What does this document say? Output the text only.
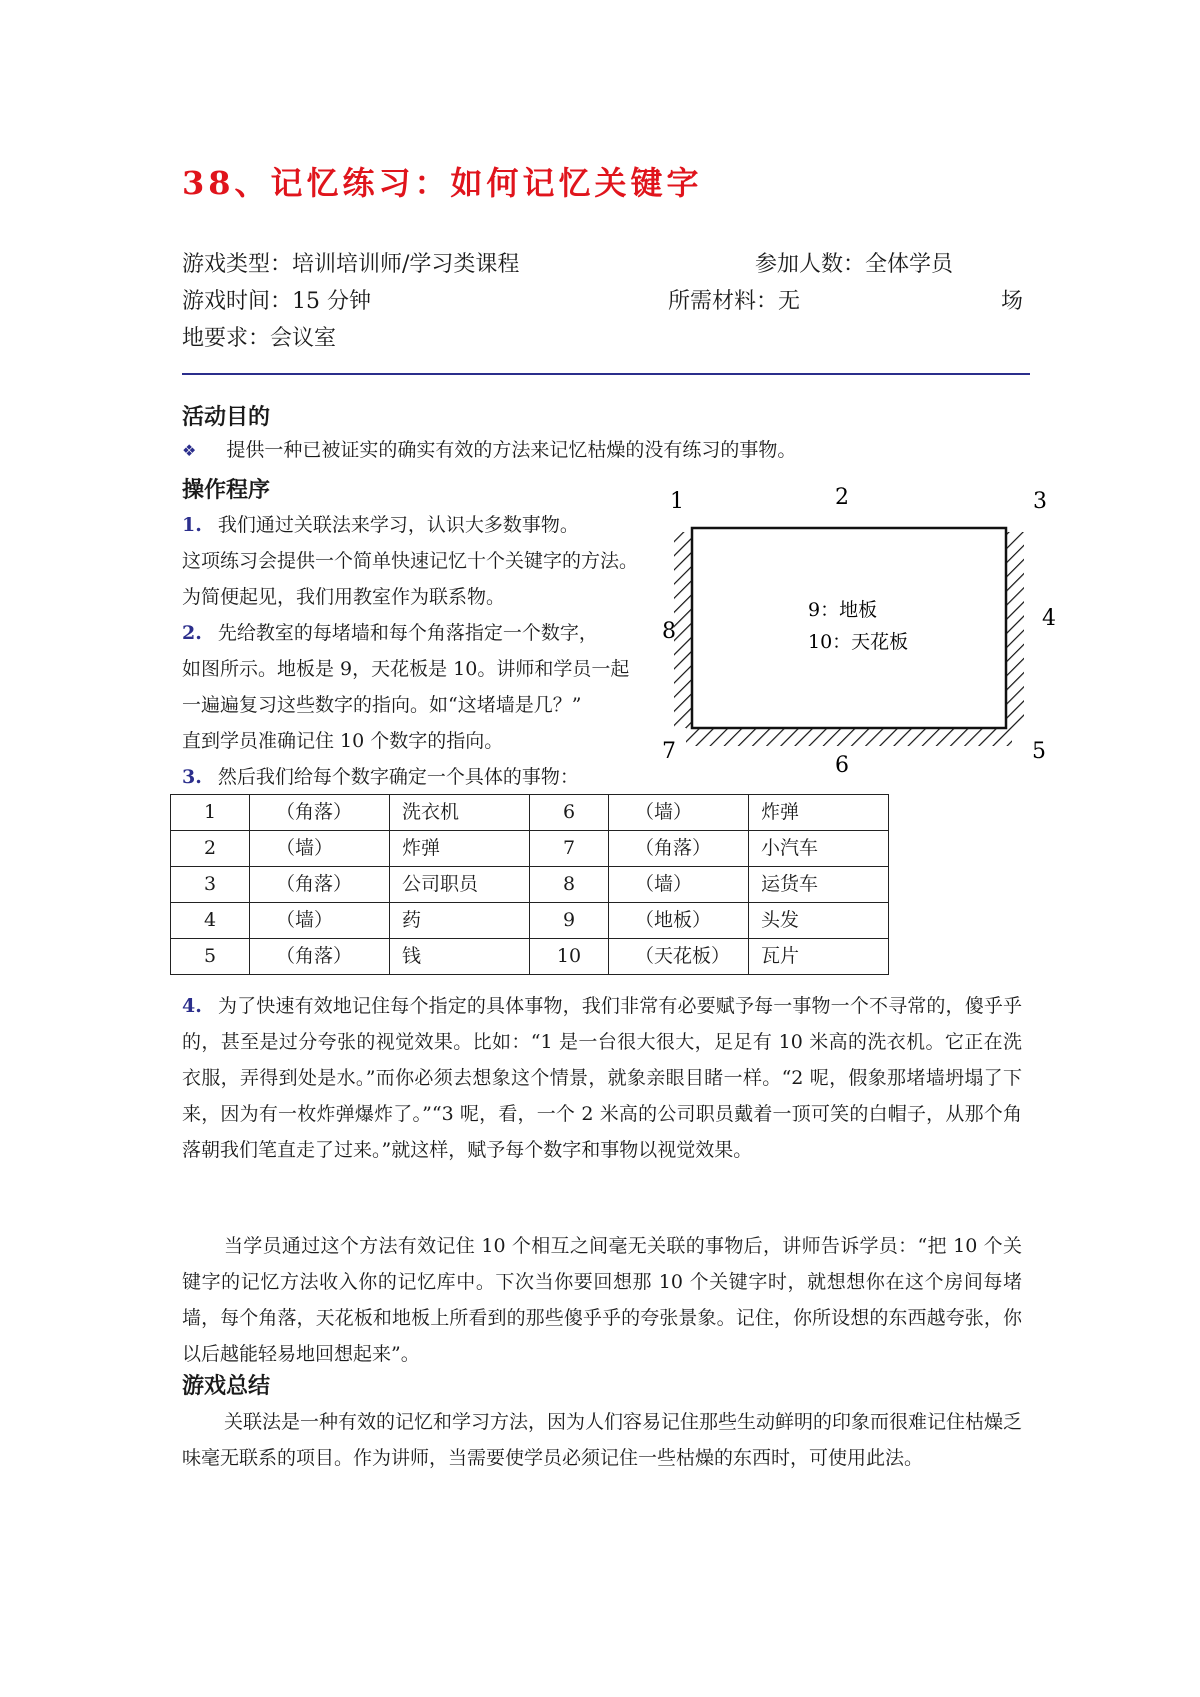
38、记忆练习：如何记忆关键字
游戏类型：培训培训师/学习类课程	参加人数：全体学员
游戏时间：15 分钟	所需材料：无	场
地要求：会议室
活动目的
❖ 提供一种已被证实的确实有效的方法来记忆枯燥的没有练习的事物。
操作程序
1. 我们通过关联法来学习，认识大多数事物。
这项练习会提供一个简单快速记忆十个关键字的方法。
为简便起见，我们用教室作为联系物。
2. 先给教室的每堵墙和每个角落指定一个数字，
如图所示。地板是 9，天花板是 10。讲师和学员一起
一遍遍复习这些数字的指向。如“这堵墙是几？”
直到学员准确记住 10 个数字的指向。
3. 然后我们给每个数字确定一个具体的事物：
1	2	3
4
5
6
7
8
9：地板
10：天花板
1	（角落）	洗衣机	6	（墙）	炸弹
2	（墙）	炸弹	7	（角落）	小汽车
3	（角落）	公司职员	8	（墙）	运货车
4	（墙）	药	9	（地板）	头发
5	（角落）	钱	10	（天花板）	瓦片
4. 为了快速有效地记住每个指定的具体事物，我们非常有必要赋予每一事物一个不寻常的，傻乎乎的，甚至是过分夸张的视觉效果。比如：“1 是一台很大很大，足足有 10 米高的洗衣机。它正在洗衣服，弄得到处是水。”而你必须去想象这个情景，就象亲眼目睹一样。“2 呢，假象那堵墙坍塌了下来，因为有一枚炸弹爆炸了。”“3 呢，看，一个 2 米高的公司职员戴着一顶可笑的白帽子，从那个角落朝我们笔直走了过来。”就这样，赋予每个数字和事物以视觉效果。
当学员通过这个方法有效记住 10 个相互之间毫无关联的事物后，讲师告诉学员：“把 10 个关键字的记忆方法收入你的记忆库中。下次当你要回想那 10 个关键字时，就想想你在这个房间每堵墙，每个角落，天花板和地板上所看到的那些傻乎乎的夸张景象。记住，你所设想的东西越夸张，你以后越能轻易地回想起来”。
游戏总结
关联法是一种有效的记忆和学习方法，因为人们容易记住那些生动鲜明的印象而很难记住枯燥乏味毫无联系的项目。作为讲师，当需要使学员必须记住一些枯燥的东西时，可使用此法。
